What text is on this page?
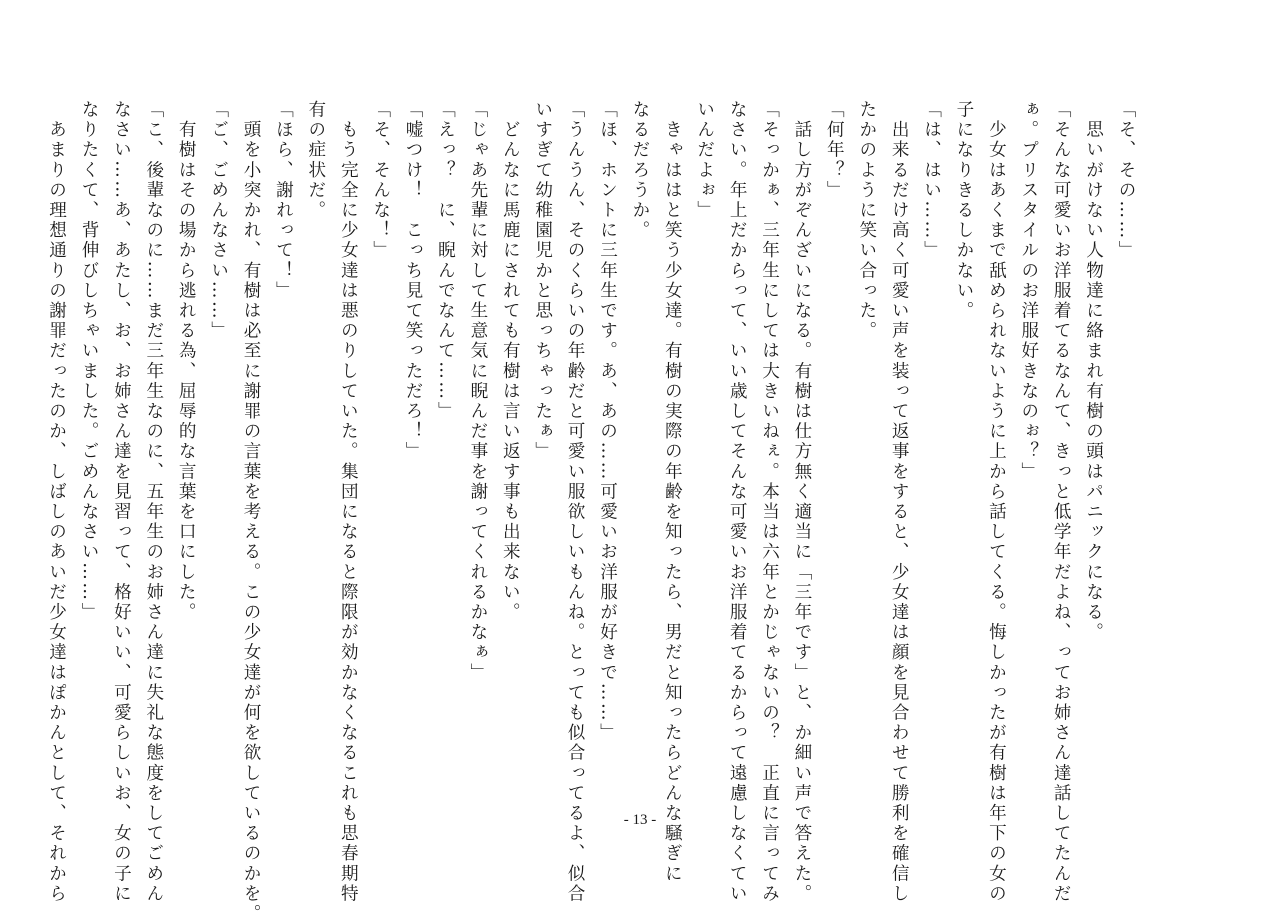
「そ、その……」

　思いがけない人物達に絡まれ有樹の頭はパニックになる。

「そんな可愛いお洋服着てるなんて、きっと低学年だよね、ってお姉さん達話してたんだ

ぁ。プリスタイルのお洋服好きなのぉ？」

　少女はあくまで舐められないように上から話してくる。悔しかったが有樹は年下の女の

子になりきるしかない。

「は、はい……」

　出来るだけ高く可愛い声を装って返事をすると、少女達は顔を見合わせて勝利を確信し

たかのように笑い合った。

「何年？」

　話し方がぞんざいになる。有樹は仕方無く適当に「三年です」と、か細い声で答えた。

「そっかぁ、三年生にしては大きいねぇ。本当は六年とかじゃないの？　正直に言ってみ

なさい。年上だからって、いい歳してそんな可愛いお洋服着てるからって遠慮しなくてい

いんだよぉ」

　きゃははと笑う少女達。有樹の実際の年齢を知ったら、男だと知ったらどんな騒ぎに

なるだろうか。

「ほ、ホントに三年生です。あ、あの……可愛いお洋服が好きで……」

「うんうん、そのくらいの年齢だと可愛い服欲しいもんね。とっても似合ってるよ、似合

いすぎて幼稚園児かと思っちゃったぁ」

　どんなに馬鹿にされても有樹は言い返す事も出来ない。

「じゃあ先輩に対して生意気に睨んだ事を謝ってくれるかなぁ」

「えっ？　に、睨んでなんて……」

「嘘つけ！　こっち見て笑っただろ！」

「そ、そんな！」

　もう完全に少女達は悪のりしていた。集団になると際限が効かなくなるこれも思春期特

有の症状だ。

「ほら、謝れって！」

　頭を小突かれ、有樹は必至に謝罪の言葉を考える。この少女達が何を欲しているのかを。

「ご、ごめんなさい……」

　有樹はその場から逃れる為、屈辱的な言葉を口にした。

「こ、後輩なのに……まだ三年生なのに、五年生のお姉さん達に失礼な態度をしてごめん

なさい……あ、あたし、お、お姉さん達を見習って、格好いい、可愛らしいお、女の子に

なりたくて、背伸びしちゃいました。ごめんなさい……」

　あまりの理想通りの謝罪だったのか、しばしのあいだ少女達はぽかんとして、それから	- 13 -
